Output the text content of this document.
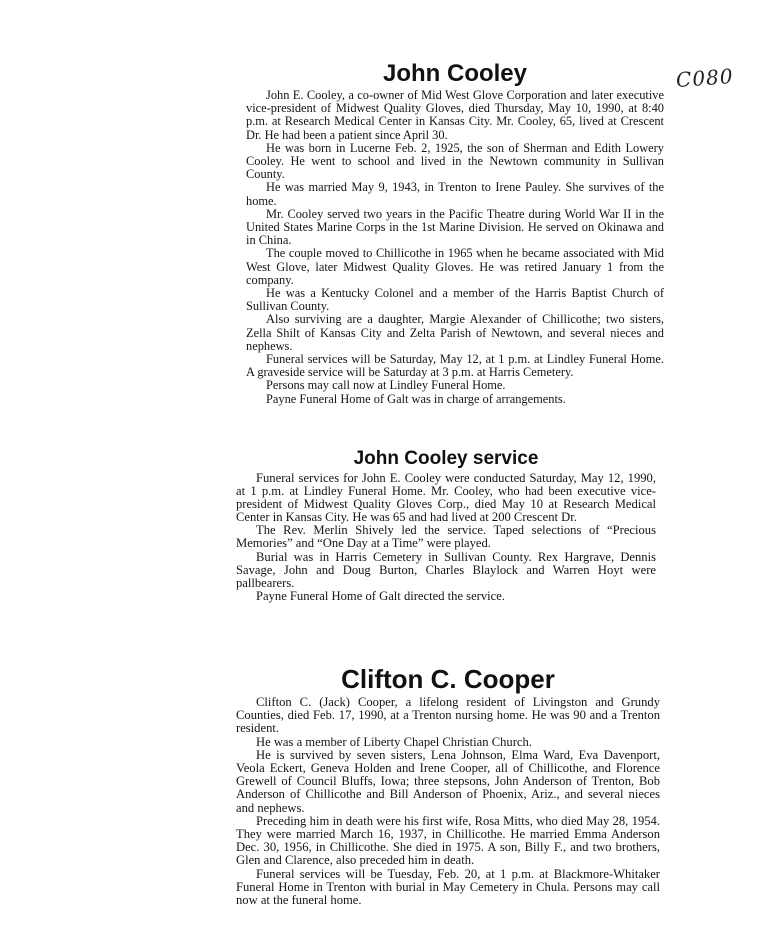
C080
John Cooley

John E. Cooley, a co-owner of Mid West Glove Corporation and later executive vice-president of Midwest Quality Gloves, died Thursday, May 10, 1990, at 8:40 p.m. at Research Medical Center in Kansas City. Mr. Cooley, 65, lived at Crescent Dr. He had been a patient since April 30.

He was born in Lucerne Feb. 2, 1925, the son of Sherman and Edith Lowery Cooley. He went to school and lived in the Newtown community in Sullivan County.

He was married May 9, 1943, in Trenton to Irene Pauley. She survives of the home.

Mr. Cooley served two years in the Pacific Theatre during World War II in the United States Marine Corps in the 1st Marine Division. He served on Okinawa and in China.

The couple moved to Chillicothe in 1965 when he became associated with Mid West Glove, later Midwest Quality Gloves. He was retired January 1 from the company.

He was a Kentucky Colonel and a member of the Harris Baptist Church of Sullivan County.

Also surviving are a daughter, Margie Alexander of Chillicothe; two sisters, Zella Shilt of Kansas City and Zelta Parish of Newtown, and several nieces and nephews.

Funeral services will be Saturday, May 12, at 1 p.m. at Lindley Funeral Home. A graveside service will be Saturday at 3 p.m. at Harris Cemetery.

Persons may call now at Lindley Funeral Home.

Payne Funeral Home of Galt was in charge of arrangements.

John Cooley service

Funeral services for John E. Cooley were conducted Saturday, May 12, 1990, at 1 p.m. at Lindley Funeral Home. Mr. Cooley, who had been executive vice-president of Midwest Quality Gloves Corp., died May 10 at Research Medical Center in Kansas City. He was 65 and had lived at 200 Crescent Dr.

The Rev. Merlin Shively led the service. Taped selections of “Precious Memories” and “One Day at a Time” were played.

Burial was in Harris Cemetery in Sullivan County. Rex Hargrave, Dennis Savage, John and Doug Burton, Charles Blaylock and Warren Hoyt were pallbearers.

Payne Funeral Home of Galt directed the service.

Clifton C. Cooper

Clifton C. (Jack) Cooper, a lifelong resident of Livingston and Grundy Counties, died Feb. 17, 1990, at a Trenton nursing home. He was 90 and a Trenton resident.

He was a member of Liberty Chapel Christian Church.

He is survived by seven sisters, Lena Johnson, Elma Ward, Eva Davenport, Veola Eckert, Geneva Holden and Irene Cooper, all of Chillicothe, and Florence Grewell of Council Bluffs, Iowa; three stepsons, John Anderson of Trenton, Bob Anderson of Chillicothe and Bill Anderson of Phoenix, Ariz., and several nieces and nephews.

Preceding him in death were his first wife, Rosa Mitts, who died May 28, 1954. They were married March 16, 1937, in Chillicothe. He married Emma Anderson Dec. 30, 1956, in Chillicothe. She died in 1975. A son, Billy F., and two brothers, Glen and Clarence, also preceded him in death.

Funeral services will be Tuesday, Feb. 20, at 1 p.m. at Blackmore-Whitaker Funeral Home in Trenton with burial in May Cemetery in Chula. Persons may call now at the funeral home.
